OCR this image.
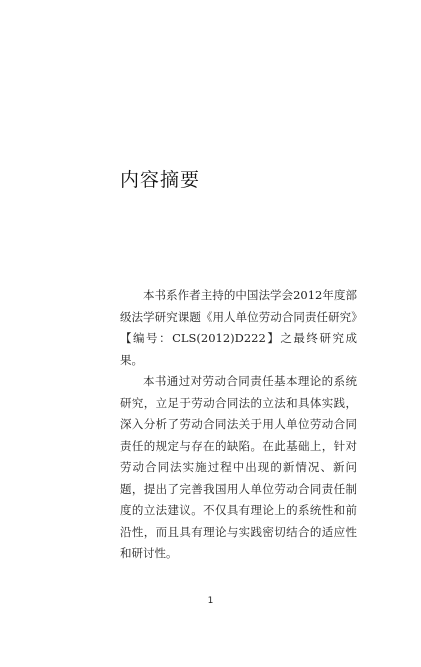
内容摘要

本书系作者主持的中国法学会2012年度部级法学研究课题《用人单位劳动合同责任研究》【编号：CLS(2012)D222】之最终研究成果。

本书通过对劳动合同责任基本理论的系统研究，立足于劳动合同法的立法和具体实践，深入分析了劳动合同法关于用人单位劳动合同责任的规定与存在的缺陷。在此基础上，针对劳动合同法实施过程中出现的新情况、新问题，提出了完善我国用人单位劳动合同责任制度的立法建议。不仅具有理论上的系统性和前沿性，而且具有理论与实践密切结合的适应性和研讨性。

1
